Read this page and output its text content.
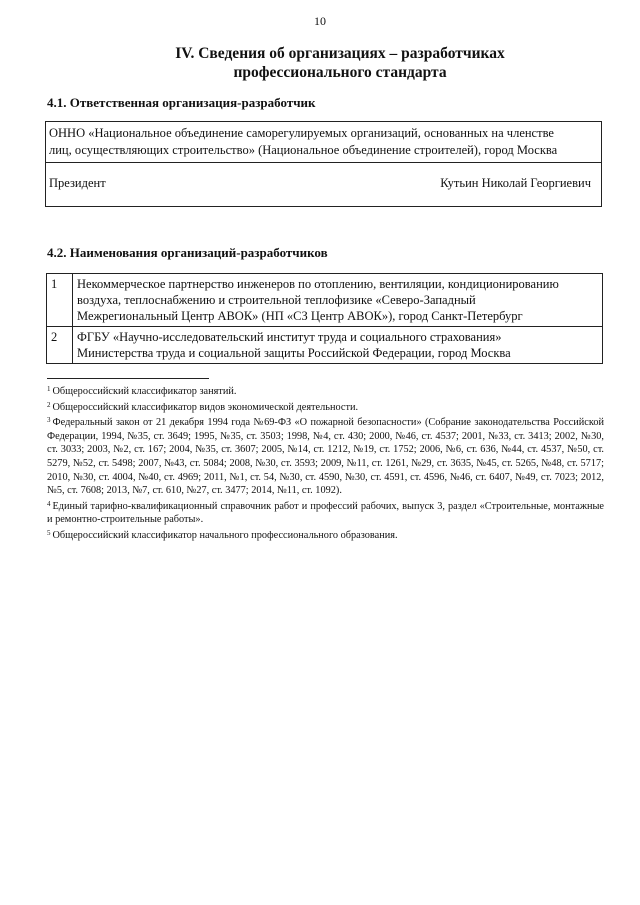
10
IV. Сведения об организациях – разработчиках
профессионального стандарта
4.1. Ответственная организация-разработчик
ОННО «Национальное объединение саморегулируемых организаций, основанных на членстве
лиц, осуществляющих строительство» (Национальное объединение строителей), город Москва
Президент	Кутьин Николай Георгиевич
4.2. Наименования организаций-разработчиков
1	Некоммерческое партнерство инженеров по отоплению, вентиляции, кондиционированию
воздуха, теплоснабжению и строительной теплофизике «Северо-Западный
Межрегиональный Центр АВОК» (НП «СЗ Центр АВОК»), город Санкт-Петербург

2	ФГБУ «Научно-исследовательский институт труда и социального страхования»
Министерства труда и социальной защиты Российской Федерации, город Москва

$^1$ Общероссийский классификатор занятий.

$^2$ Общероссийский классификатор видов экономической деятельности.

$^3$ Федеральный закон от 21 декабря 1994 года №69-ФЗ «О пожарной безопасности» (Собрание законодательства Российской Федерации, 1994, №35, ст. 3649; 1995, №35, ст. 3503; 1998, №4, ст. 430; 2000, №46, ст. 4537; 2001, №33, ст. 3413; 2002, №30, ст. 3033; 2003, №2, ст. 167; 2004, №35, ст. 3607; 2005, №14, ст. 1212, №19, ст. 1752; 2006, №6, ст. 636, №44, ст. 4537, №50, ст. 5279, №52, ст. 5498; 2007, №43, ст. 5084; 2008, №30, ст. 3593; 2009, №11, ст. 1261, №29, ст. 3635, №45, ст. 5265, №48, ст. 5717; 2010, №30, ст. 4004, №40, ст. 4969; 2011, №1, ст. 54, №30, ст. 4590, №30, ст. 4591, ст. 4596, №46, ст. 6407, №49, ст. 7023; 2012, №5, ст. 7608; 2013, №7, ст. 610, №27, ст. 3477; 2014, №11, ст. 1092).

$^4$ Единый тарифно-квалификационный справочник работ и профессий рабочих, выпуск 3, раздел «Строительные, монтажные и ремонтно-строительные работы».

$^5$ Общероссийский классификатор начального профессионального образования.
